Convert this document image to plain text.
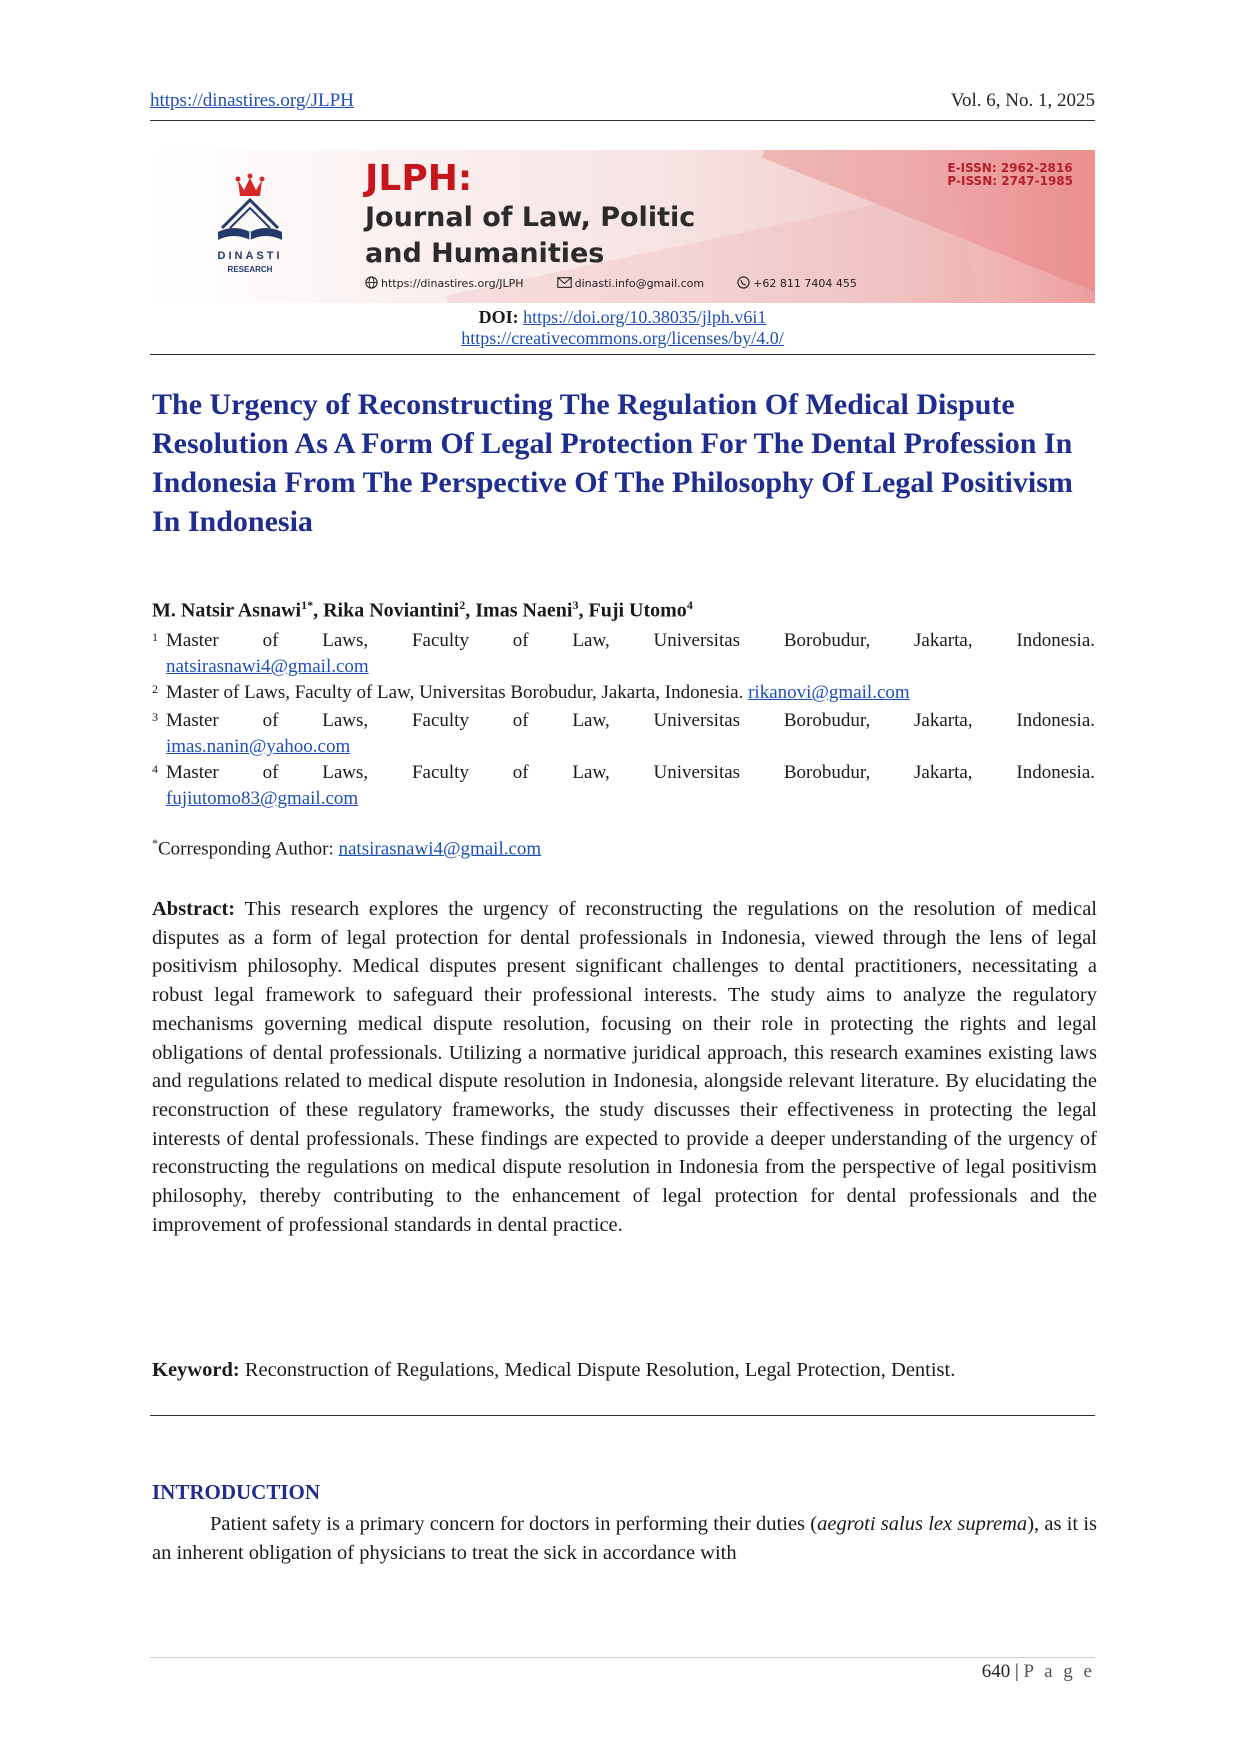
https://dinastires.org/JLPH	Vol. 6, No. 1, 2025
DINASTI
RESEARCH
JLPH:
Journal of Law, Politic
and Humanities
E-ISSN: 2962-2816
P-ISSN: 2747-1985
https://dinastires.org/JLPH	dinasti.info@gmail.com	+62 811 7404 455
DOI: https://doi.org/10.38035/jlph.v6i1
https://creativecommons.org/licenses/by/4.0/
The Urgency of Reconstructing The Regulation Of Medical Dispute Resolution As A Form Of Legal Protection For The Dental Profession In Indonesia From The Perspective Of The Philosophy Of Legal Positivism In Indonesia
M. Natsir Asnawi$^{1*}$, Rika Noviantini$^2$, Imas Naeni$^3$, Fuji Utomo$^4$
1 Master of Laws, Faculty of Law, Universitas Borobudur, Jakarta, Indonesia.
natsirasnawi4@gmail.com
2 Master of Laws, Faculty of Law, Universitas Borobudur, Jakarta, Indonesia. rikanovi@gmail.com
3 Master of Laws, Faculty of Law, Universitas Borobudur, Jakarta, Indonesia.
imas.nanin@yahoo.com
4 Master of Laws, Faculty of Law, Universitas Borobudur, Jakarta, Indonesia.
fujiutomo83@gmail.com
*Corresponding Author: natsirasnawi4@gmail.com

Abstract: This research explores the urgency of reconstructing the regulations on the resolution of medical disputes as a form of legal protection for dental professionals in Indonesia, viewed through the lens of legal positivism philosophy. Medical disputes present significant challenges to dental practitioners, necessitating a robust legal framework to safeguard their professional interests. The study aims to analyze the regulatory mechanisms governing medical dispute resolution, focusing on their role in protecting the rights and legal obligations of dental professionals. Utilizing a normative juridical approach, this research examines existing laws and regulations related to medical dispute resolution in Indonesia, alongside relevant literature. By elucidating the reconstruction of these regulatory frameworks, the study discusses their effectiveness in protecting the legal interests of dental professionals. These findings are expected to provide a deeper understanding of the urgency of reconstructing the regulations on medical dispute resolution in Indonesia from the perspective of legal positivism philosophy, thereby contributing to the enhancement of legal protection for dental professionals and the improvement of professional standards in dental practice.

Keyword: Reconstruction of Regulations, Medical Dispute Resolution, Legal Protection, Dentist.

INTRODUCTION

Patient safety is a primary concern for doctors in performing their duties (aegroti salus lex suprema), as it is an inherent obligation of physicians to treat the sick in accordance with

640 | P a g e
